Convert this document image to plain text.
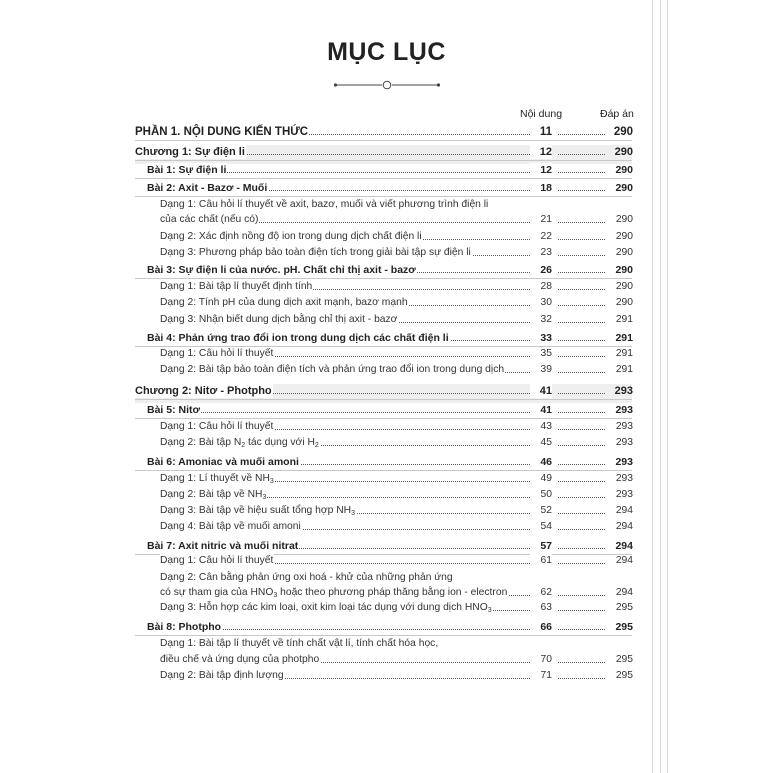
MỤC LỤC
Nội dung	Đáp án
PHẦN 1. NỘI DUNG KIẾN THỨC	11	290
Chương 1: Sự điện li	12	290
Bài 1: Sự điện li	12	290
Bài 2: Axit - Bazơ - Muối	18	290
Dạng 1: Câu hỏi lí thuyết về axit, bazơ, muối và viết phương trình điện li
của các chất (nếu có)	21	290
Dạng 2: Xác định nồng độ ion trong dung dịch chất điện li	22	290
Dạng 3: Phương pháp bảo toàn điện tích trong giải bài tập sự điện li	23	290
Bài 3: Sự điện li của nước. pH. Chất chỉ thị axit - bazơ	26	290
Dạng 1: Bài tập lí thuyết định tính	28	290
Dạng 2: Tính pH của dung dịch axit mạnh, bazơ mạnh	30	290
Dạng 3: Nhận biết dung dịch bằng chỉ thị axit - bazơ	32	291
Bài 4: Phản ứng trao đổi ion trong dung dịch các chất điện li	33	291
Dạng 1: Câu hỏi lí thuyết	35	291
Dạng 2: Bài tập bảo toàn điện tích và phản ứng trao đổi ion trong dung dịch	39	291
Chương 2: Nitơ - Photpho	41	293
Bài 5: Nitơ	41	293
Dạng 1: Câu hỏi lí thuyết	43	293
Dạng 2: Bài tập $N_2$ tác dụng với $H_2$	45	293
Bài 6: Amoniac và muối amoni	46	293
Dạng 1: Lí thuyết về $NH_3$	49	293
Dạng 2: Bài tập về $NH_3$	50	293
Dạng 3: Bài tập về hiệu suất tổng hợp $NH_3$	52	294
Dạng 4: Bài tập về muối amoni	54	294
Bài 7: Axit nitric và muối nitrat	57	294
Dạng 1: Câu hỏi lí thuyết	61	294
Dạng 2: Cân bằng phản ứng oxi hoá - khử của những phản ứng
có sự tham gia của $HNO_3$ hoặc theo phương pháp thăng bằng ion - electron	62	294
Dạng 3: Hỗn hợp các kim loại, oxit kim loại tác dụng với dung dịch $HNO_3$	63	295
Bài 8: Photpho	66	295
Dạng 1: Bài tập lí thuyết về tính chất vật lí, tính chất hóa học,
điều chế và ứng dụng của photpho	70	295
Dạng 2: Bài tập định lượng	71	295
